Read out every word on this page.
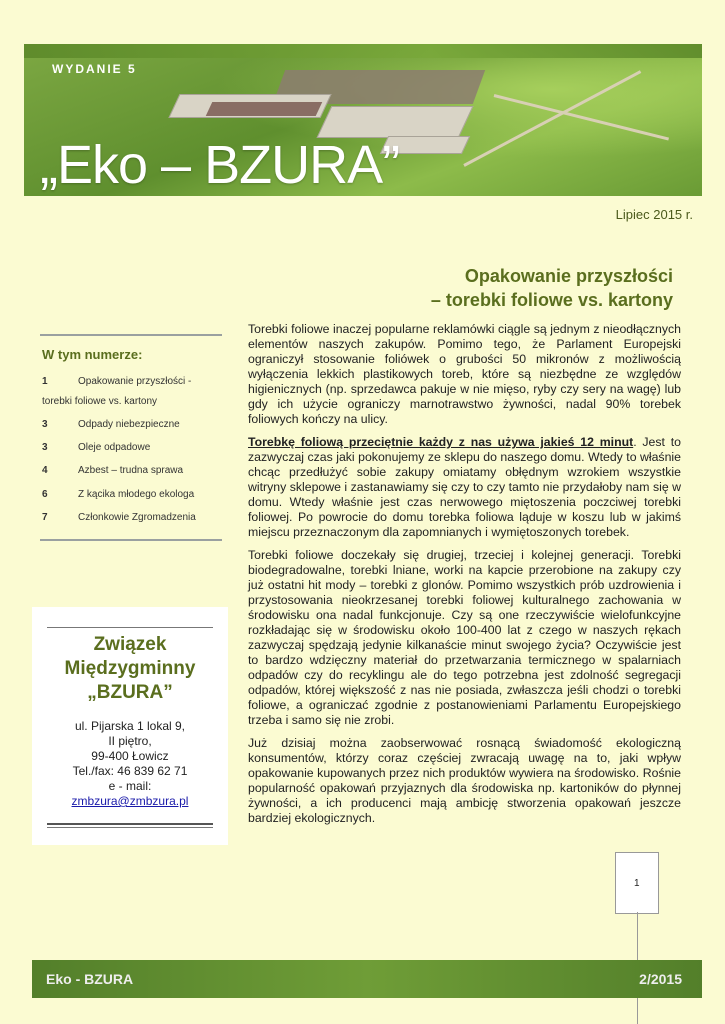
WYDANIE 5
„Eko – BZURA”
Lipiec 2015 r.
Opakowanie przyszłości
– torebki foliowe vs. kartony
W tym numerze:
1	Opakowanie przyszłości -
torebki foliowe vs. kartony
3	Odpady niebezpieczne
3	Oleje odpadowe
4	Azbest – trudna sprawa
6	Z kącika młodego ekologa
7	Członkowie Zgromadzenia
Związek
Międzygminny
„BZURA”
ul. Pijarska 1 lokal 9,
II piętro,
99-400 Łowicz
Tel./fax: 46 839 62 71
e - mail:
zmbzura@zmbzura.pl

Torebki foliowe inaczej popularne reklamówki ciągle są jednym z nieodłącznych elementów naszych zakupów. Pomimo tego, że Parlament Europejski ograniczył stosowanie foliówek o grubości 50 mikronów z możliwością wyłączenia lekkich plastikowych toreb, które są niezbędne ze względów higienicznych (np. sprzedawca pakuje w nie mięso, ryby czy sery na wagę) lub gdy ich użycie ograniczy marnotrawstwo żywności, nadal 90% torebek foliowych kończy na ulicy.

Torebkę foliową przeciętnie każdy z nas używa jakieś 12 minut. Jest to zazwyczaj czas jaki pokonujemy ze sklepu do naszego domu. Wtedy to właśnie chcąc przedłużyć sobie zakupy omiatamy obłędnym wzrokiem wszystkie witryny sklepowe i zastanawiamy się czy to czy tamto nie przydałoby nam się w domu. Wtedy właśnie jest czas nerwowego miętoszenia poczciwej torebki foliowej. Po powrocie do domu torebka foliowa ląduje w koszu lub w jakimś miejscu przeznaczonym dla zapomnianych i wymiętoszonych torebek.

Torebki foliowe doczekały się drugiej, trzeciej i kolejnej generacji. Torebki biodegradowalne, torebki lniane, worki na kapcie przerobione na zakupy czy już ostatni hit mody – torebki z glonów. Pomimo wszystkich prób uzdrowienia i przystosowania nieokrzesanej torebki foliowej kulturalnego zachowania w środowisku ona nadal funkcjonuje. Czy są one rzeczywiście wielofunkcyjne rozkładając się w środowisku około 100-400 lat z czego w naszych rękach zazwyczaj spędzają jedynie kilkanaście minut swojego życia? Oczywiście jest to bardzo wdzięczny materiał do przetwarzania termicznego w spalarniach odpadów czy do recyklingu ale do tego potrzebna jest zdolność segregacji odpadów, której większość z nas nie posiada, zwłaszcza jeśli chodzi o torebki foliowe, a ograniczać zgodnie z postanowieniami Parlamentu Europejskiego trzeba i samo się nie zrobi.

Już dzisiaj można zaobserwować rosnącą świadomość ekologiczną konsumentów, którzy coraz częściej zwracają uwagę na to, jaki wpływ opakowanie kupowanych przez nich produktów wywiera na środowisko. Rośnie popularność opakowań przyjaznych dla środowiska np. kartoników do płynnej żywności, a ich producenci mają ambicję stworzenia opakowań jeszcze bardziej ekologicznych.

1
Eko - BZURA	2/2015
